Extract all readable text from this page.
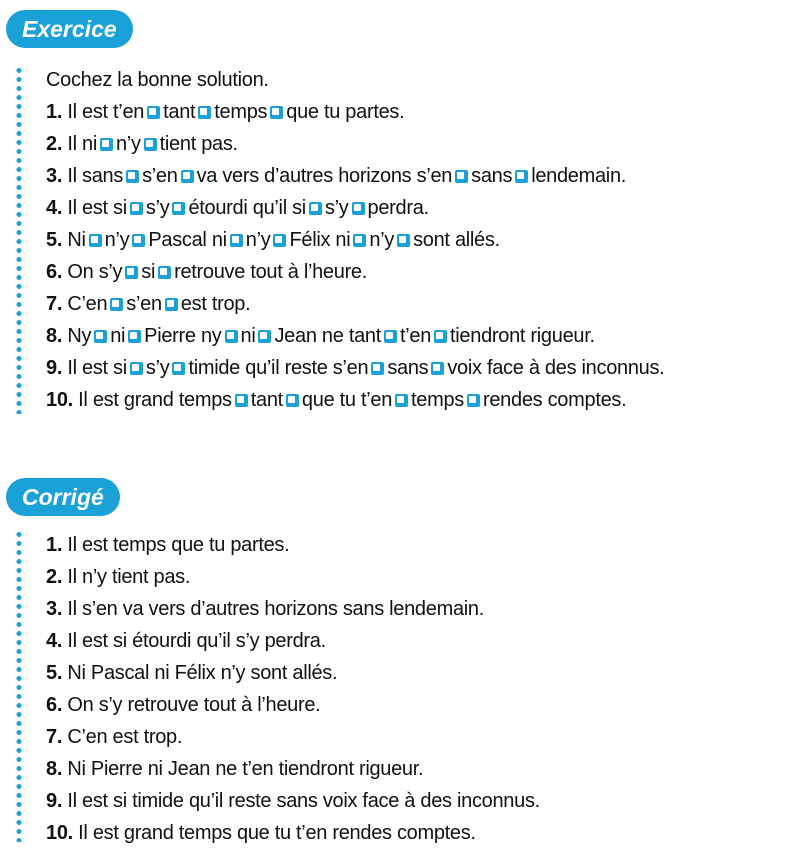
Exercice
Cochez la bonne solution.
1. Il est t’en tant temps que tu partes.
2. Il ni n’y tient pas.
3. Il sans s’en va vers d’autres horizons s’en sans lendemain.
4. Il est si s’y étourdi qu’il si s’y perdra.
5. Ni n’y Pascal ni n’y Félix ni n’y sont allés.
6. On s’y si retrouve tout à l’heure.
7. C’en s’en est trop.
8. Ny ni Pierre ny ni Jean ne tant t’en tiendront rigueur.
9. Il est si s’y timide qu’il reste s’en sans voix face à des inconnus.
10. Il est grand temps tant que tu t’en temps rendes comptes.
Corrigé
1. Il est temps que tu partes.
2. Il n’y tient pas.
3. Il s’en va vers d’autres horizons sans lendemain.
4. Il est si étourdi qu’il s’y perdra.
5. Ni Pascal ni Félix n’y sont allés.
6. On s’y retrouve tout à l’heure.
7. C’en est trop.
8. Ni Pierre ni Jean ne t’en tiendront rigueur.
9. Il est si timide qu’il reste sans voix face à des inconnus.
10. Il est grand temps que tu t’en rendes comptes.
